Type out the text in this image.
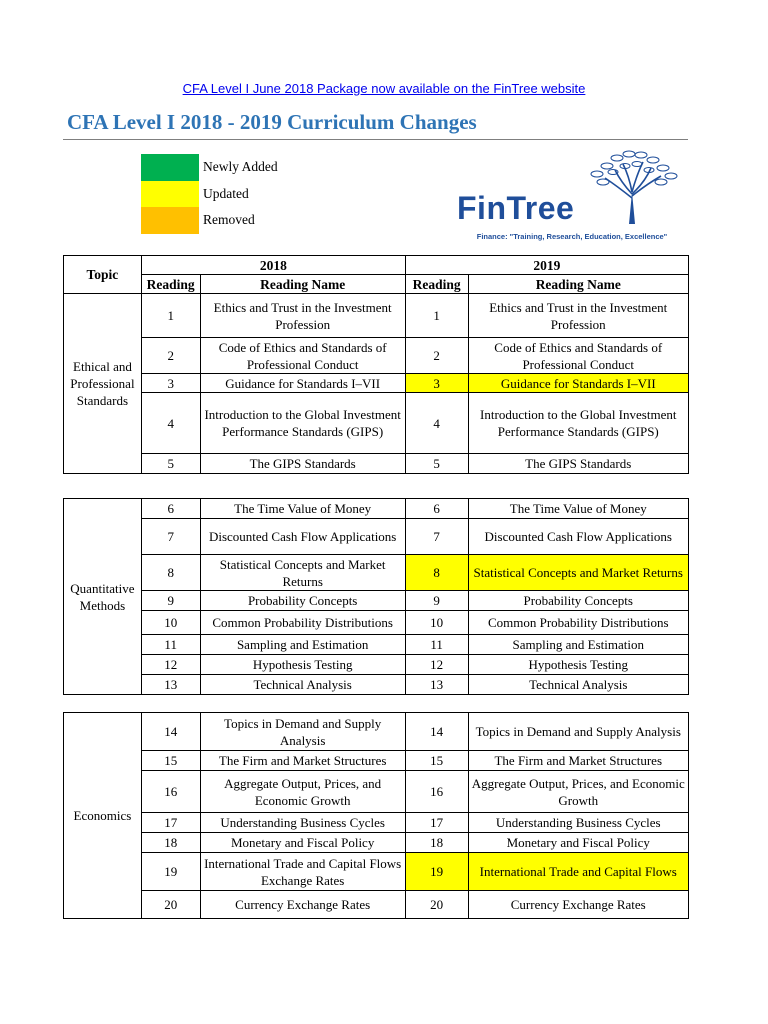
CFA Level I June 2018 Package now available on the FinTree website
CFA Level I 2018 - 2019 Curriculum Changes
Newly Added
Updated
Removed	FinTree
Finance: "Training, Research, Education, Excellence"
Topic	2018		2019	
	Reading	Reading Name	Reading	Reading Name
Ethical and Professional Standards	1	Ethics and Trust in the Investment Profession	1	Ethics and Trust in the Investment Profession
	2	Code of Ethics and Standards of Professional Conduct	2	Code of Ethics and Standards of Professional Conduct
	3	Guidance for Standards I–VII	3	Guidance for Standards I–VII
	4	Introduction to the Global Investment Performance Standards (GIPS)	4	Introduction to the Global Investment Performance Standards (GIPS)
	5	The GIPS Standards	5	The GIPS Standards
Quantitative Methods	6	The Time Value of Money	6	The Time Value of Money
	7	Discounted Cash Flow Applications	7	Discounted Cash Flow Applications
	8	Statistical Concepts and Market Returns	8	Statistical Concepts and Market Returns
	9	Probability Concepts	9	Probability Concepts
	10	Common Probability Distributions	10	Common Probability Distributions
	11	Sampling and Estimation	11	Sampling and Estimation
	12	Hypothesis Testing	12	Hypothesis Testing
	13	Technical Analysis	13	Technical Analysis
Economics	14	Topics in Demand and Supply Analysis	14	Topics in Demand and Supply Analysis
	15	The Firm and Market Structures	15	The Firm and Market Structures
	16	Aggregate Output, Prices, and Economic Growth	16	Aggregate Output, Prices, and Economic Growth
	17	Understanding Business Cycles	17	Understanding Business Cycles
	18	Monetary and Fiscal Policy	18	Monetary and Fiscal Policy
	19	International Trade and Capital Flows Exchange Rates	19	International Trade and Capital Flows
	20	Currency Exchange Rates	20	Currency Exchange Rates
